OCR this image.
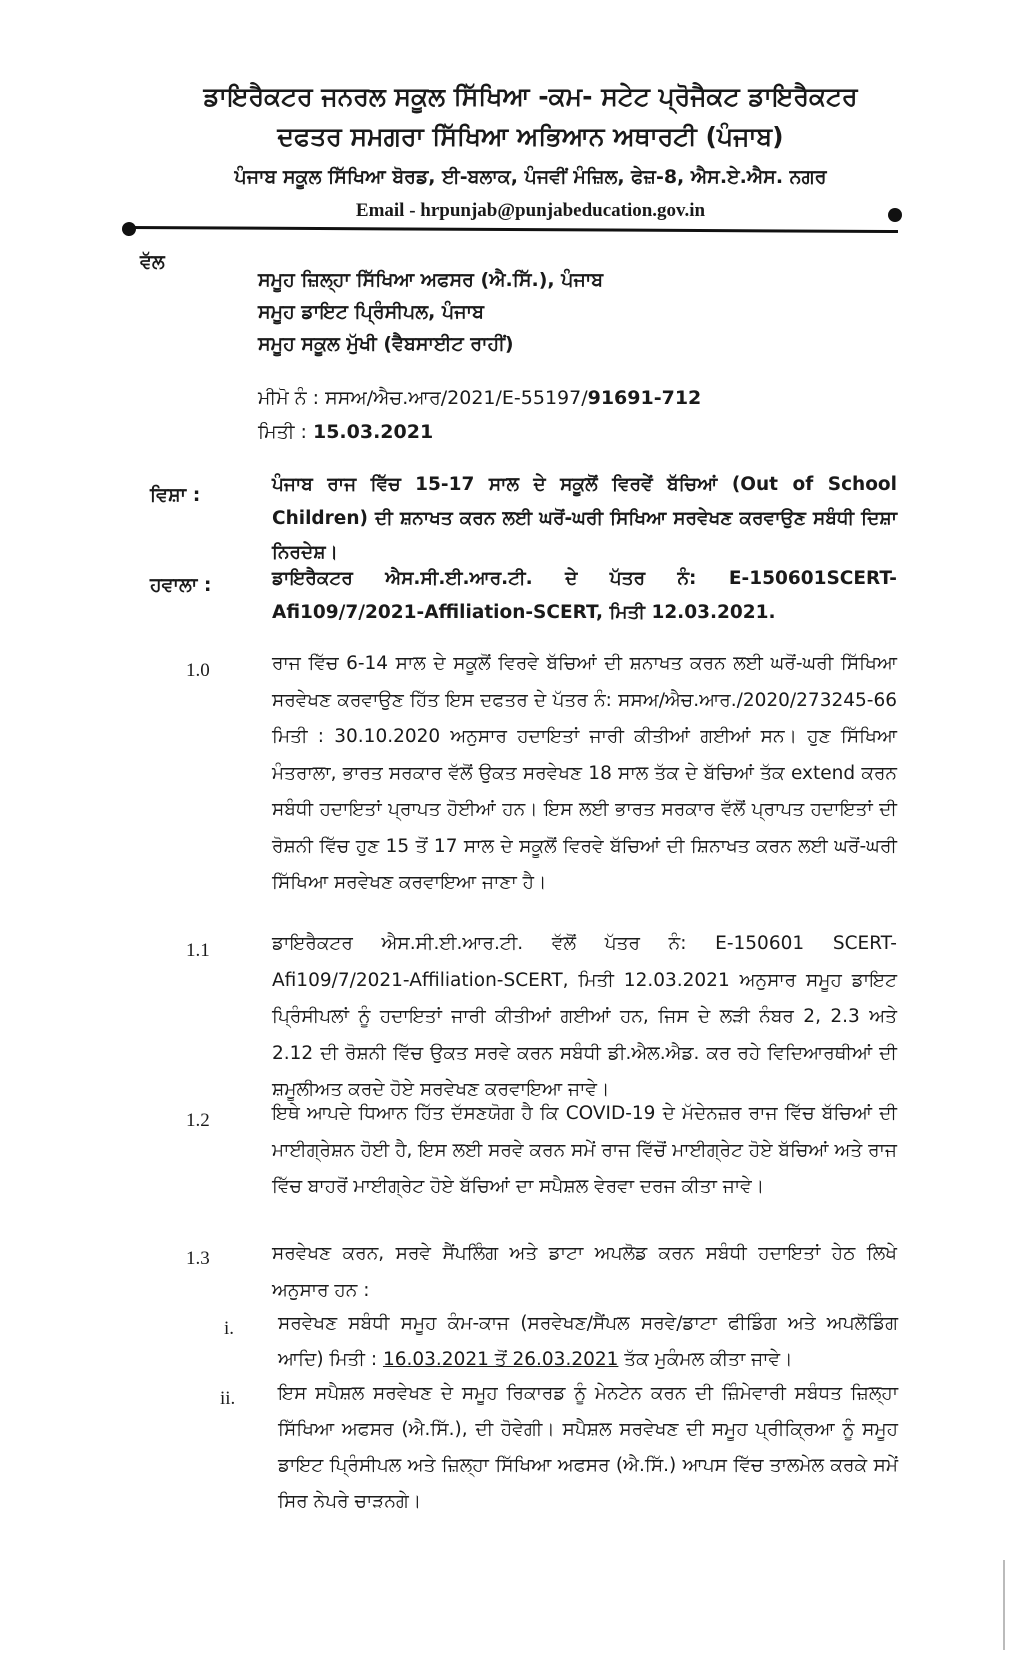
ਡਾਇਰੈਕਟਰ ਜਨਰਲ ਸਕੂਲ ਸਿੱਖਿਆ -ਕਮ- ਸਟੇਟ ਪ੍ਰੋਜੈਕਟ ਡਾਇਰੈਕਟਰ
ਦਫਤਰ ਸਮਗਰਾ ਸਿੱਖਿਆ ਅਭਿਆਨ ਅਥਾਰਟੀ (ਪੰਜਾਬ)
ਪੰਜਾਬ ਸਕੂਲ ਸਿੱਖਿਆ ਬੋਰਡ, ਈ-ਬਲਾਕ, ਪੰਜਵੀਂ ਮੰਜ਼ਿਲ, ਫੇਜ਼-8, ਐਸ.ਏ.ਐਸ. ਨਗਰ
Email - hrpunjab@punjabeducation.gov.in
ਵੱਲ
ਸਮੂਹ ਜ਼ਿਲ੍ਹਾ ਸਿੱਖਿਆ ਅਫਸਰ (ਐ.ਸਿੱ.), ਪੰਜਾਬ
ਸਮੂਹ ਡਾਇਟ ਪ੍ਰਿੰਸੀਪਲ, ਪੰਜਾਬ
ਸਮੂਹ ਸਕੂਲ ਮੁੱਖੀ (ਵੈਬਸਾਈਟ ਰਾਹੀਂ)
ਮੀਮੋ ਨੰ : ਸਸਅ/ਐਚ.ਆਰ/2021/E-55197/91691-712
ਮਿਤੀ : 15.03.2021
ਵਿਸ਼ਾ :	ਪੰਜਾਬ ਰਾਜ ਵਿੱਚ 15-17 ਸਾਲ ਦੇ ਸਕੂਲੋਂ ਵਿਰਵੇਂ ਬੱਚਿਆਂ (Out of School Children) ਦੀ ਸ਼ਨਾਖਤ ਕਰਨ ਲਈ ਘਰੋਂ-ਘਰੀ ਸਿਖਿਆ ਸਰਵੇਖਣ ਕਰਵਾਉਣ ਸਬੰਧੀ ਦਿਸ਼ਾ ਨਿਰਦੇਸ਼।
ਹਵਾਲਾ :	ਡਾਇਰੈਕਟਰ ਐਸ.ਸੀ.ਈ.ਆਰ.ਟੀ. ਦੇ ਪੱਤਰ ਨੰ: E-150601SCERT-Afi109/7/2021-Affiliation-SCERT, ਮਿਤੀ 12.03.2021.
1.0	ਰਾਜ ਵਿੱਚ 6-14 ਸਾਲ ਦੇ ਸਕੂਲੋਂ ਵਿਰਵੇ ਬੱਚਿਆਂ ਦੀ ਸ਼ਨਾਖਤ ਕਰਨ ਲਈ ਘਰੋਂ-ਘਰੀ ਸਿੱਖਿਆ ਸਰਵੇਖਣ ਕਰਵਾਉਣ ਹਿੱਤ ਇਸ ਦਫਤਰ ਦੇ ਪੱਤਰ ਨੰ: ਸਸਅ/ਐਚ.ਆਰ./2020/273245-66 ਮਿਤੀ : 30.10.2020 ਅਨੁਸਾਰ ਹਦਾਇਤਾਂ ਜਾਰੀ ਕੀਤੀਆਂ ਗਈਆਂ ਸਨ। ਹੁਣ ਸਿੱਖਿਆ ਮੰਤਰਾਲਾ, ਭਾਰਤ ਸਰਕਾਰ ਵੱਲੋਂ ਉਕਤ ਸਰਵੇਖਣ 18 ਸਾਲ ਤੱਕ ਦੇ ਬੱਚਿਆਂ ਤੱਕ extend ਕਰਨ ਸਬੰਧੀ ਹਦਾਇਤਾਂ ਪ੍ਰਾਪਤ ਹੋਈਆਂ ਹਨ। ਇਸ ਲਈ ਭਾਰਤ ਸਰਕਾਰ ਵੱਲੋਂ ਪ੍ਰਾਪਤ ਹਦਾਇਤਾਂ ਦੀ ਰੋਸ਼ਨੀ ਵਿੱਚ ਹੁਣ 15 ਤੋਂ 17 ਸਾਲ ਦੇ ਸਕੂਲੋਂ ਵਿਰਵੇ ਬੱਚਿਆਂ ਦੀ ਸ਼ਿਨਾਖਤ ਕਰਨ ਲਈ ਘਰੋਂ-ਘਰੀ ਸਿੱਖਿਆ ਸਰਵੇਖਣ ਕਰਵਾਇਆ ਜਾਣਾ ਹੈ।
1.1	ਡਾਇਰੈਕਟਰ ਐਸ.ਸੀ.ਈ.ਆਰ.ਟੀ. ਵੱਲੋਂ ਪੱਤਰ ਨੰ: E-150601 SCERT-Afi109/7/2021-Affiliation-SCERT, ਮਿਤੀ 12.03.2021 ਅਨੁਸਾਰ ਸਮੂਹ ਡਾਇਟ ਪ੍ਰਿੰਸੀਪਲਾਂ ਨੂੰ ਹਦਾਇਤਾਂ ਜਾਰੀ ਕੀਤੀਆਂ ਗਈਆਂ ਹਨ, ਜਿਸ ਦੇ ਲੜੀ ਨੰਬਰ 2, 2.3 ਅਤੇ 2.12 ਦੀ ਰੋਸ਼ਨੀ ਵਿੱਚ ਉਕਤ ਸਰਵੇ ਕਰਨ ਸਬੰਧੀ ਡੀ.ਐਲ.ਐਡ. ਕਰ ਰਹੇ ਵਿਦਿਆਰਥੀਆਂ ਦੀ ਸ਼ਮੂਲੀਅਤ ਕਰਦੇ ਹੋਏ ਸਰਵੇਖਣ ਕਰਵਾਇਆ ਜਾਵੇ।
1.2	ਇਥੇ ਆਪਦੇ ਧਿਆਨ ਹਿੱਤ ਦੱਸਣਯੋਗ ਹੈ ਕਿ COVID-19 ਦੇ ਮੱਦੇਨਜ਼ਰ ਰਾਜ ਵਿੱਚ ਬੱਚਿਆਂ ਦੀ ਮਾਈਗ੍ਰੇਸ਼ਨ ਹੋਈ ਹੈ, ਇਸ ਲਈ ਸਰਵੇ ਕਰਨ ਸਮੇਂ ਰਾਜ ਵਿੱਚੋਂ ਮਾਈਗ੍ਰੇਟ ਹੋਏ ਬੱਚਿਆਂ ਅਤੇ ਰਾਜ ਵਿੱਚ ਬਾਹਰੋਂ ਮਾਈਗ੍ਰੇਟ ਹੋਏ ਬੱਚਿਆਂ ਦਾ ਸਪੈਸ਼ਲ ਵੇਰਵਾ ਦਰਜ ਕੀਤਾ ਜਾਵੇ।
1.3	ਸਰਵੇਖਣ ਕਰਨ, ਸਰਵੇ ਸੈਂਪਲਿੰਗ ਅਤੇ ਡਾਟਾ ਅਪਲੋਡ ਕਰਨ ਸਬੰਧੀ ਹਦਾਇਤਾਂ ਹੇਠ ਲਿਖੇ ਅਨੁਸਾਰ ਹਨ :
i. ਸਰਵੇਖਣ ਸਬੰਧੀ ਸਮੂਹ ਕੰਮ-ਕਾਜ (ਸਰਵੇਖਣ/ਸੈਂਪਲ ਸਰਵੇ/ਡਾਟਾ ਫੀਡਿੰਗ ਅਤੇ ਅਪਲੋਡਿੰਗ ਆਦਿ) ਮਿਤੀ : 16.03.2021 ਤੋਂ 26.03.2021 ਤੱਕ ਮੁਕੰਮਲ ਕੀਤਾ ਜਾਵੇ।
ii. ਇਸ ਸਪੈਸ਼ਲ ਸਰਵੇਖਣ ਦੇ ਸਮੂਹ ਰਿਕਾਰਡ ਨੂੰ ਮੇਨਟੇਨ ਕਰਨ ਦੀ ਜ਼ਿੰਮੇਵਾਰੀ ਸਬੰਧਤ ਜ਼ਿਲ੍ਹਾ ਸਿੱਖਿਆ ਅਫਸਰ (ਐ.ਸਿੱ.), ਦੀ ਹੋਵੇਗੀ। ਸਪੈਸ਼ਲ ਸਰਵੇਖਣ ਦੀ ਸਮੂਹ ਪ੍ਰੀਕ੍ਰਿਆ ਨੂੰ ਸਮੂਹ ਡਾਇਟ ਪ੍ਰਿੰਸੀਪਲ ਅਤੇ ਜ਼ਿਲ੍ਹਾ ਸਿੱਖਿਆ ਅਫਸਰ (ਐ.ਸਿੱ.) ਆਪਸ ਵਿੱਚ ਤਾਲਮੇਲ ਕਰਕੇ ਸਮੇਂ ਸਿਰ ਨੇਪਰੇ ਚਾੜਨਗੇ।
